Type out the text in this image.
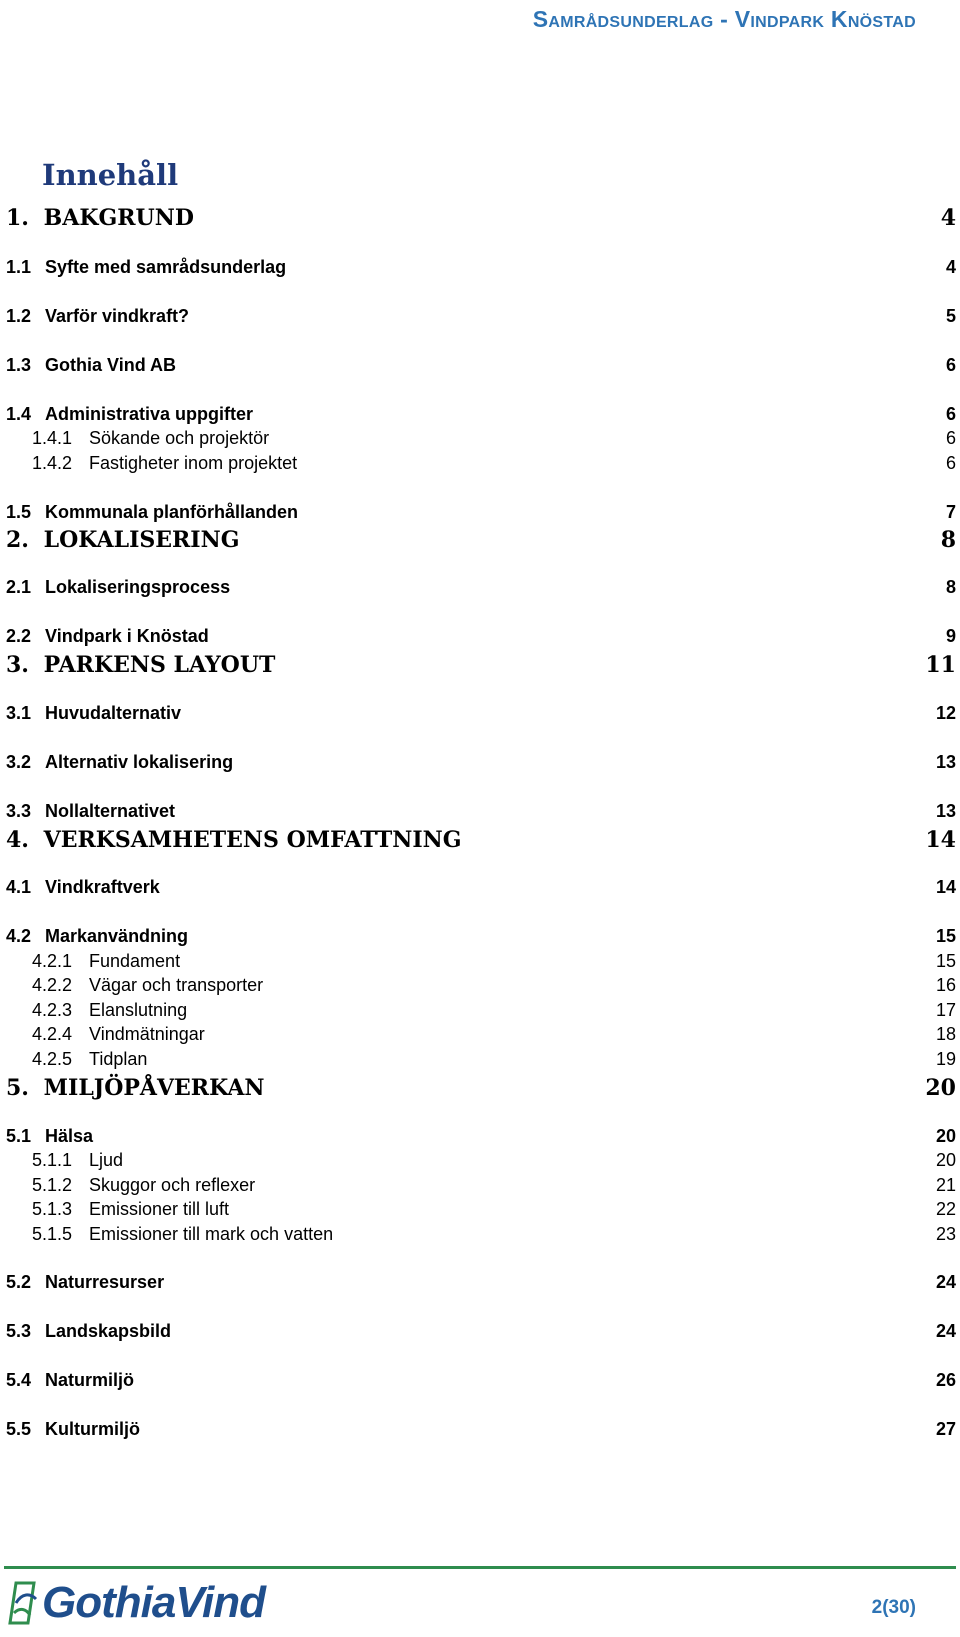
Samrådsunderlag - Vindpark Knöstad
Innehåll
1. BAKGRUND	4
1.1 Syfte med samrådsunderlag	4
1.2 Varför vindkraft?	5
1.3 Gothia Vind AB	6
1.4 Administrativa uppgifter	6
1.4.1 Sökande och projektör	6
1.4.2 Fastigheter inom projektet	6
1.5 Kommunala planförhållanden	7
2. LOKALISERING	8
2.1 Lokaliseringsprocess	8
2.2 Vindpark i Knöstad	9
3. PARKENS LAYOUT	11
3.1 Huvudalternativ	12
3.2 Alternativ lokalisering	13
3.3 Nollalternativet	13
4. VERKSAMHETENS OMFATTNING	14
4.1 Vindkraftverk	14
4.2 Markanvändning	15
4.2.1 Fundament	15
4.2.2 Vägar och transporter	16
4.2.3 Elanslutning	17
4.2.4 Vindmätningar	18
4.2.5 Tidplan	19
5. MILJÖPÅVERKAN	20
5.1 Hälsa	20
5.1.1 Ljud	20
5.1.2 Skuggor och reflexer	21
5.1.3 Emissioner till luft	22
5.1.5 Emissioner till mark och vatten	23
5.2 Naturresurser	24
5.3 Landskapsbild	24
5.4 Naturmiljö	26
5.5 Kulturmiljö	27
GothiaVind	2(30)
